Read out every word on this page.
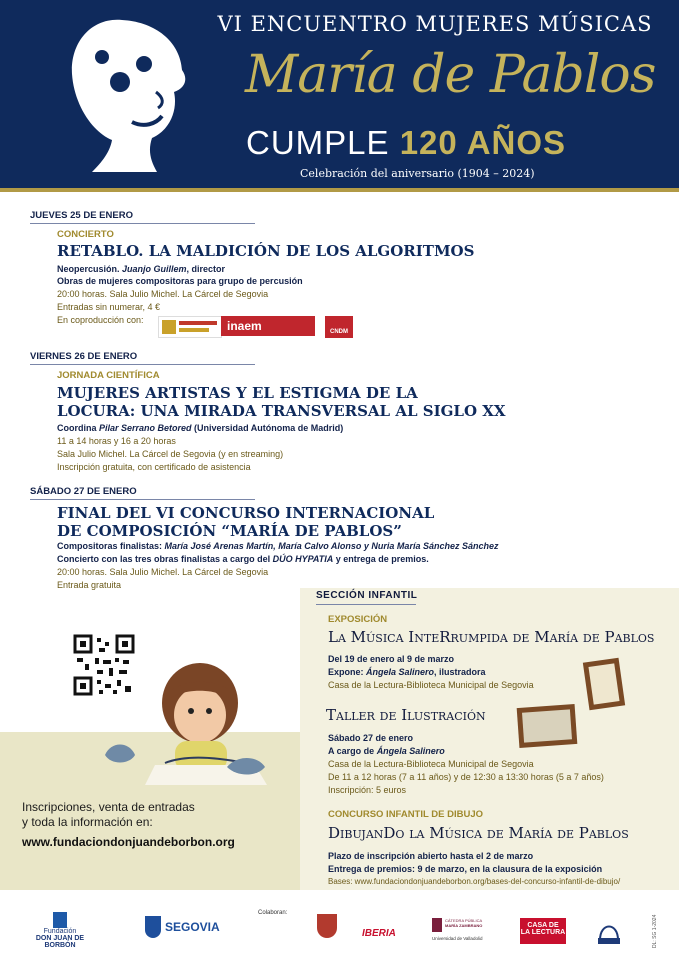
VI ENCUENTRO MUJERES MÚSICAS
María de Pablos
CUMPLE 120 AÑOS
Celebración del aniversario (1904 – 2024)
JUEVES 25 DE ENERO
CONCIERTO
RETABLO. LA MALDICIÓN DE LOS ALGORITMOS
Neopercusión. Juanjo Guillem, director
Obras de mujeres compositoras para grupo de percusión
20:00 horas. Sala Julio Michel. La Cárcel de Segovia
Entradas sin numerar, 4 €
En coproducción con:	inaem	CNDM
VIERNES 26 DE ENERO
JORNADA CIENTÍFICA
MUJERES ARTISTAS Y EL ESTIGMA DE LA
LOCURA: UNA MIRADA TRANSVERSAL AL SIGLO XX
Coordina Pilar Serrano Betored (Universidad Autónoma de Madrid)
11 a 14 horas y 16 a 20 horas
Sala Julio Michel. La Cárcel de Segovia (y en streaming)
Inscripción gratuita, con certificado de asistencia
SÁBADO 27 DE ENERO
FINAL DEL VI CONCURSO INTERNACIONAL
DE COMPOSICIÓN “MARÍA DE PABLOS”
Compositoras finalistas: María José Arenas Martín, María Calvo Alonso y Nuria María Sánchez Sánchez
Concierto con las tres obras finalistas a cargo del DÚO HYPATIA y entrega de premios.
20:00 horas. Sala Julio Michel. La Cárcel de Segovia
Entrada gratuita
SECCIÓN INFANTIL
EXPOSICIÓN
La Música InteRrumpida de María de Pablos
Del 19 de enero al 9 de marzo
Expone: Ángela Salinero, ilustradora
Casa de la Lectura-Biblioteca Municipal de Segovia
Taller de Ilustración
Sábado 27 de enero
A cargo de Ángela Salinero
Casa de la Lectura-Biblioteca Municipal de Segovia
De 11 a 12 horas (7 a 11 años) y de 12:30 a 13:30 horas (5 a 7 años)
Inscripción: 5 euros
CONCURSO INFANTIL DE DIBUJO
DibujanDo la Música de María de Pablos
Plazo de inscripción abierto hasta el 2 de marzo
Entrega de premios: 9 de marzo, en la clausura de la exposición
Bases: www.fundaciondonjuandeborbon.org/bases-del-concurso-infantil-de-dibujo/
Inscripciones, venta de entradas
y toda la información en:
www.fundaciondonjuandeborbon.org
Fundación
DON JUAN DE BORBÓN
SEGOVIA
Colaboran:
IBERIA
CÁTEDRA PÚBLICA
MARÍA ZAMBRANO
Universidad de Valladolid
CASA DE
LA LECTURA	DL: SG 1-2024
